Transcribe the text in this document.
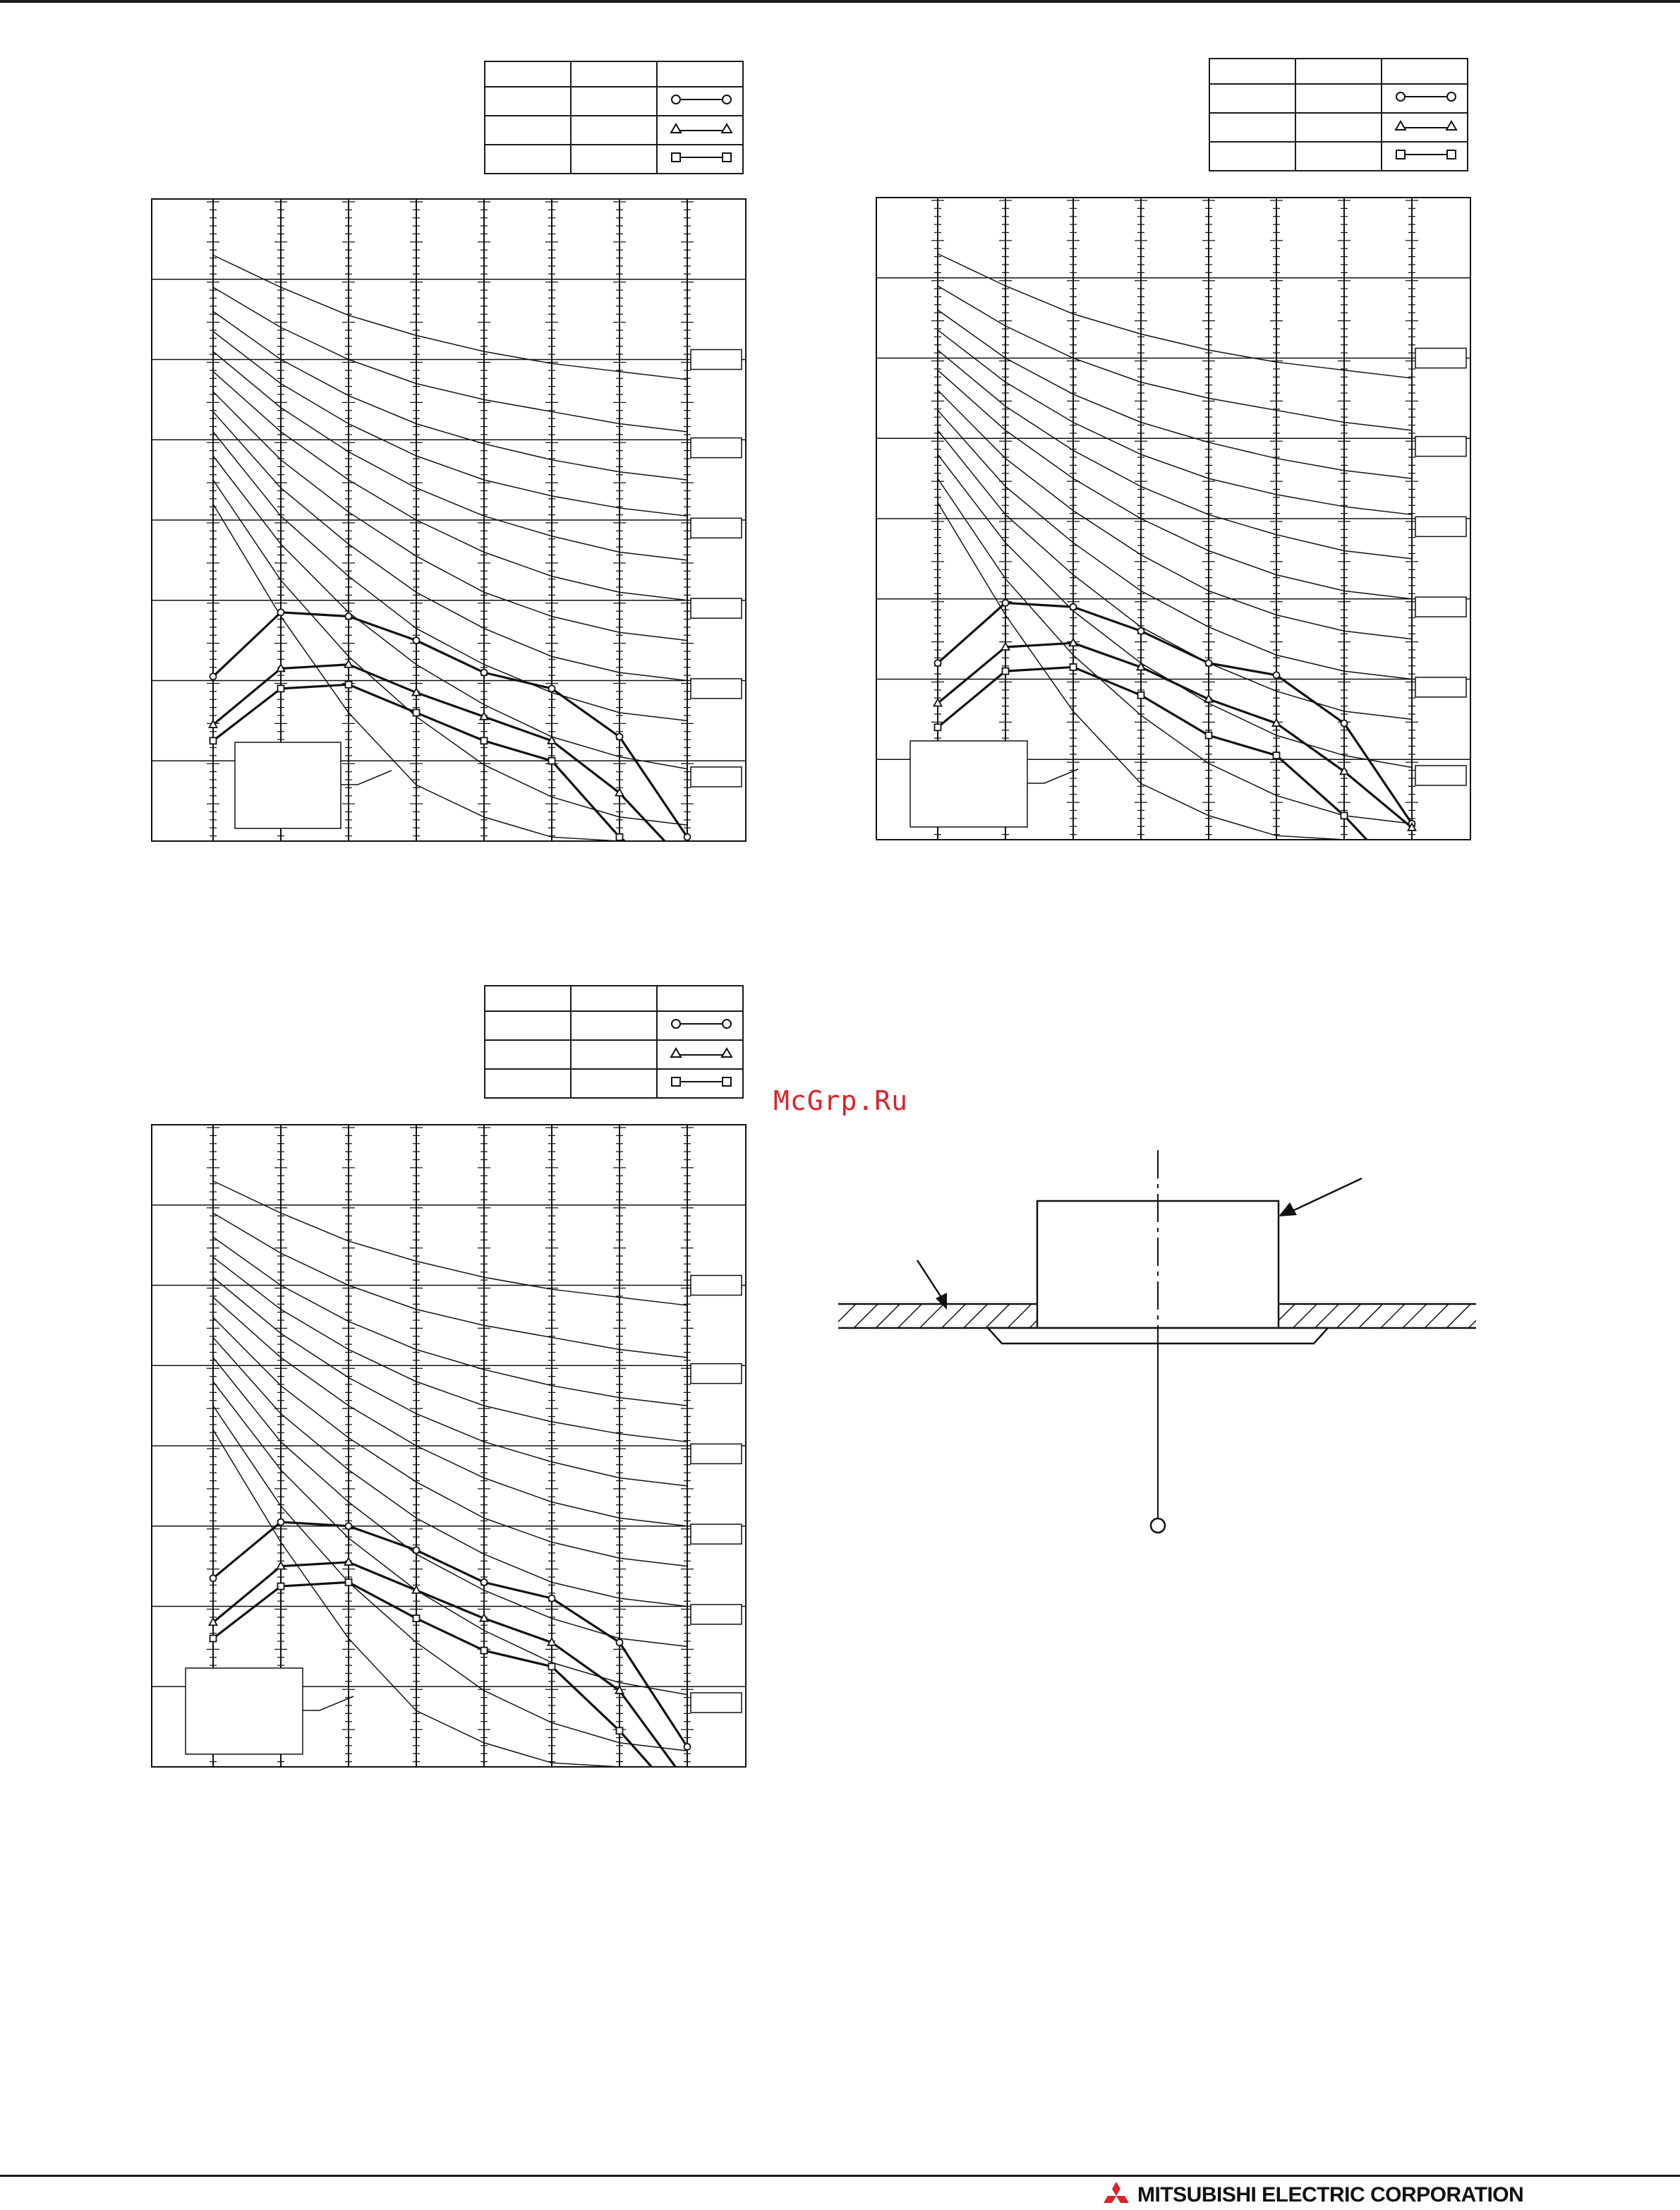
McGrp.Ru
MITSUBISHI ELECTRIC CORPORATION
